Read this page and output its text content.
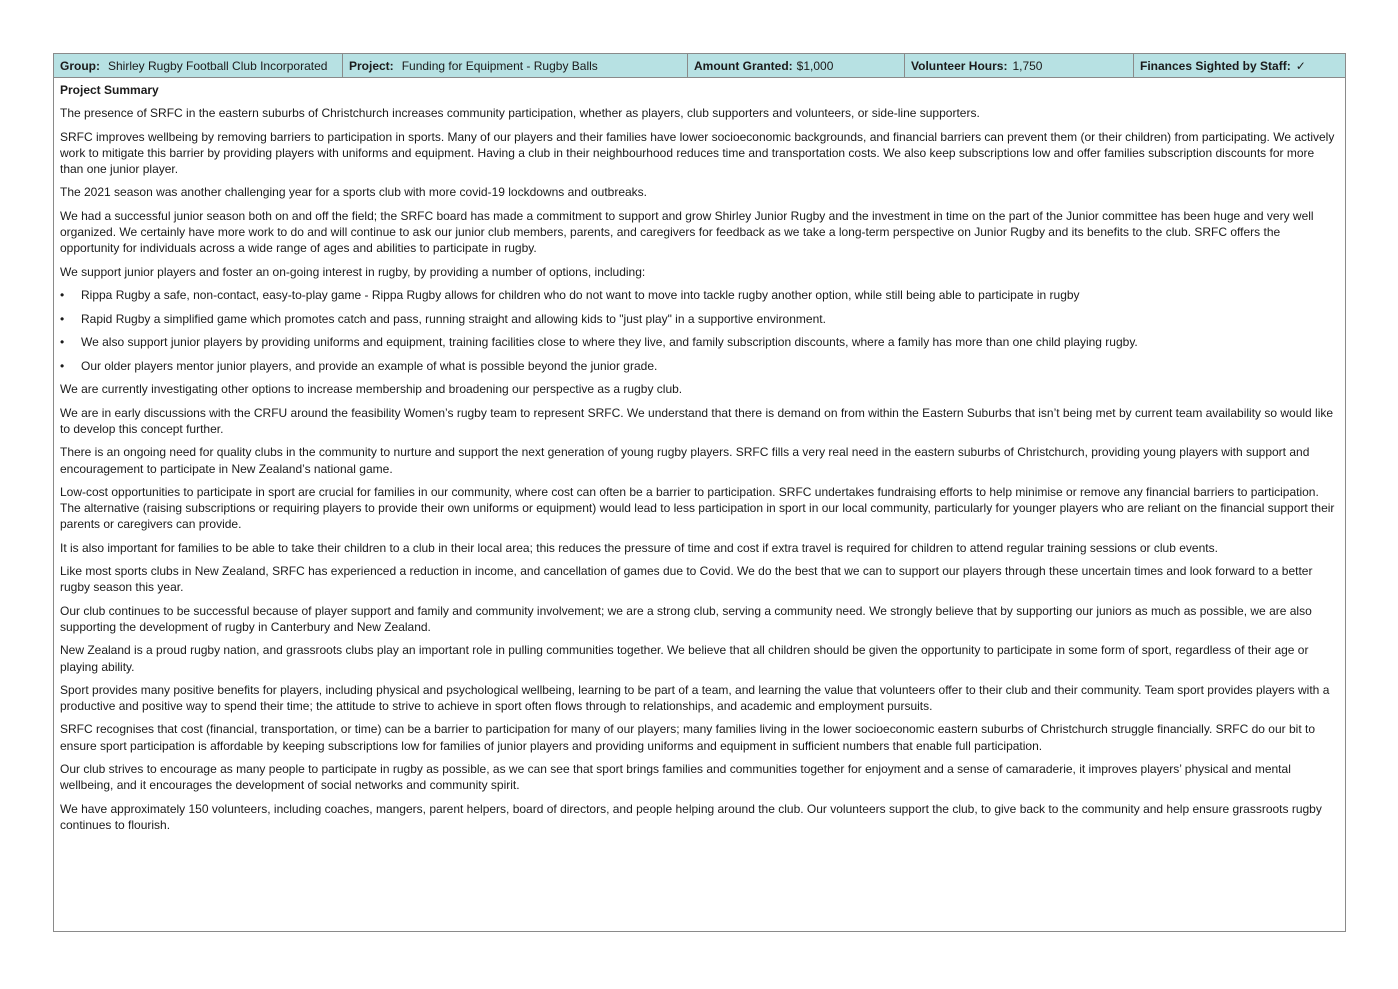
Group: Shirley Rugby Football Club Incorporated Project: Funding for Equipment - Rugby Balls	Amount Granted: $1,000	Volunteer Hours: 1,750	Finances Sighted by Staff: ✓
Project Summary

The presence of SRFC in the eastern suburbs of Christchurch increases community participation, whether as players, club supporters and volunteers, or side-line supporters.

SRFC improves wellbeing by removing barriers to participation in sports. Many of our players and their families have lower socioeconomic backgrounds, and financial barriers can prevent them (or their children) from participating. We actively work to mitigate this barrier by providing players with uniforms and equipment. Having a club in their neighbourhood reduces time and transportation costs. We also keep subscriptions low and offer families subscription discounts for more than one junior player.

The 2021 season was another challenging year for a sports club with more covid-19 lockdowns and outbreaks.

We had a successful junior season both on and off the field; the SRFC board has made a commitment to support and grow Shirley Junior Rugby and the investment in time on the part of the Junior committee has been huge and very well organized. We certainly have more work to do and will continue to ask our junior club members, parents, and caregivers for feedback as we take a long-term perspective on Junior Rugby and its benefits to the club. SRFC offers the opportunity for individuals across a wide range of ages and abilities to participate in rugby.

We support junior players and foster an on-going interest in rugby, by providing a number of options, including:

• Rippa Rugby a safe, non-contact, easy-to-play game - Rippa Rugby allows for children who do not want to move into tackle rugby another option, while still being able to participate in rugby
• Rapid Rugby a simplified game which promotes catch and pass, running straight and allowing kids to "just play" in a supportive environment.
• We also support junior players by providing uniforms and equipment, training facilities close to where they live, and family subscription discounts, where a family has more than one child playing rugby.
• Our older players mentor junior players, and provide an example of what is possible beyond the junior grade.

We are currently investigating other options to increase membership and broadening our perspective as a rugby club.

We are in early discussions with the CRFU around the feasibility Women’s rugby team to represent SRFC. We understand that there is demand on from within the Eastern Suburbs that isn’t being met by current team availability so would like to develop this concept further.

There is an ongoing need for quality clubs in the community to nurture and support the next generation of young rugby players. SRFC fills a very real need in the eastern suburbs of Christchurch, providing young players with support and encouragement to participate in New Zealand’s national game.

Low-cost opportunities to participate in sport are crucial for families in our community, where cost can often be a barrier to participation. SRFC undertakes fundraising efforts to help minimise or remove any financial barriers to participation. The alternative (raising subscriptions or requiring players to provide their own uniforms or equipment) would lead to less participation in sport in our local community, particularly for younger players who are reliant on the financial support their parents or caregivers can provide.

It is also important for families to be able to take their children to a club in their local area; this reduces the pressure of time and cost if extra travel is required for children to attend regular training sessions or club events.

Like most sports clubs in New Zealand, SRFC has experienced a reduction in income, and cancellation of games due to Covid. We do the best that we can to support our players through these uncertain times and look forward to a better rugby season this year.

Our club continues to be successful because of player support and family and community involvement; we are a strong club, serving a community need. We strongly believe that by supporting our juniors as much as possible, we are also supporting the development of rugby in Canterbury and New Zealand.

New Zealand is a proud rugby nation, and grassroots clubs play an important role in pulling communities together. We believe that all children should be given the opportunity to participate in some form of sport, regardless of their age or playing ability.

Sport provides many positive benefits for players, including physical and psychological wellbeing, learning to be part of a team, and learning the value that volunteers offer to their club and their community. Team sport provides players with a productive and positive way to spend their time; the attitude to strive to achieve in sport often flows through to relationships, and academic and employment pursuits.

SRFC recognises that cost (financial, transportation, or time) can be a barrier to participation for many of our players; many families living in the lower socioeconomic eastern suburbs of Christchurch struggle financially. SRFC do our bit to ensure sport participation is affordable by keeping subscriptions low for families of junior players and providing uniforms and equipment in sufficient numbers that enable full participation.

Our club strives to encourage as many people to participate in rugby as possible, as we can see that sport brings families and communities together for enjoyment and a sense of camaraderie, it improves players’ physical and mental wellbeing, and it encourages the development of social networks and community spirit.

We have approximately 150 volunteers, including coaches, mangers, parent helpers, board of directors, and people helping around the club. Our volunteers support the club, to give back to the community and help ensure grassroots rugby continues to flourish.
